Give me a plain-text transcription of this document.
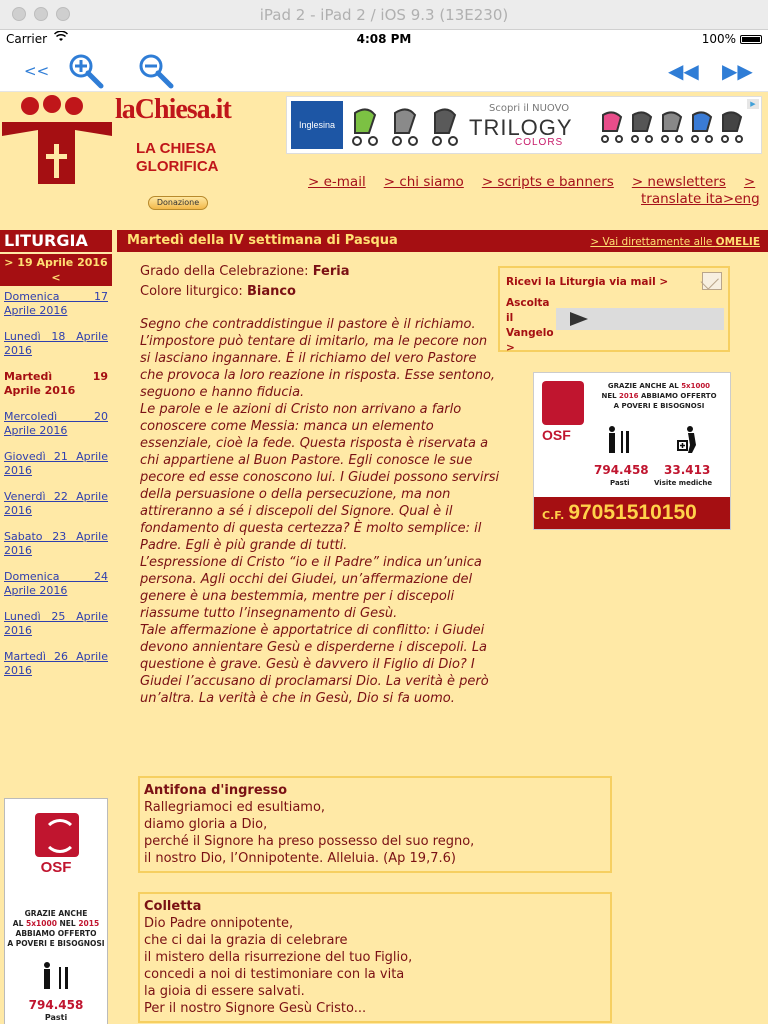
iPad 2 - iPad 2 / iOS 9.3 (13E230)
Carrier	4:08 PM	100%
<<	◀◀ ▶▶
laChiesa.it
LA CHIESA
GLORIFICA
Donazione
Inglesina
Scopri il NUOVO
TRILOGY
COLORS
▶
> e-mail > chi siamo > scripts e banners > newsletters >
translate ita>eng
LITURGIA	Martedì della IV settimana di Pasqua	> Vai direttamente alle OMELIE
> 19 Aprile 2016 <
Domenica 17 Aprile 2016
Lunedì 18 Aprile 2016
Martedì 19 Aprile 2016
Mercoledì 20 Aprile 2016
Giovedì 21 Aprile 2016
Venerdì 22 Aprile 2016
Sabato 23 Aprile 2016
Domenica 24 Aprile 2016
Lunedì 25 Aprile 2016
Martedì 26 Aprile 2016
OSF
GRAZIE ANCHE
AL 5x1000 NEL 2015
ABBIAMO OFFERTO
A POVERI E BISOGNOSI
794.458
Pasti
Grado della Celebrazione: Feria
Colore liturgico: Bianco
Segno che contraddistingue il pastore è il richiamo. L’impostore può tentare di imitarlo, ma le pecore non si lasciano ingannare. È il richiamo del vero Pastore che provoca la loro reazione in risposta. Esse sentono, seguono e hanno fiducia.
Le parole e le azioni di Cristo non arrivano a farlo conoscere come Messia: manca un elemento essenziale, cioè la fede. Questa risposta è riservata a chi appartiene al Buon Pastore. Egli conosce le sue pecore ed esse conoscono lui. I Giudei possono servirsi della persuasione o della persecuzione, ma non attireranno a sé i discepoli del Signore. Qual è il fondamento di questa certezza? È molto semplice: il Padre. Egli è più grande di tutti.
L’espressione di Cristo “io e il Padre” indica un’unica persona. Agli occhi dei Giudei, un’affermazione del genere è una bestemmia, mentre per i discepoli riassume tutto l’insegnamento di Gesù.
Tale affermazione è apportatrice di conflitto: i Giudei devono annientare Gesù e disperderne i discepoli. La questione è grave. Gesù è davvero il Figlio di Dio? I Giudei l’accusano di proclamarsi Dio. La verità è però un’altra. La verità è che in Gesù, Dio si fa uomo.
Ricevi la Liturgia via mail >
Ascolta il Vangelo >
OSF
GRAZIE ANCHE AL 5x1000
NEL 2016 ABBIAMO OFFERTO
A POVERI E BISOGNOSI
794.458
Pasti
33.413
Visite mediche
C.F. 97051510150
Antifona d'ingresso
Rallegriamoci ed esultiamo,
diamo gloria a Dio,
perché il Signore ha preso possesso del suo regno,
il nostro Dio, l’Onnipotente. Alleluia. (Ap 19,7.6)
Colletta
Dio Padre onnipotente,
che ci dai la grazia di celebrare
il mistero della risurrezione del tuo Figlio,
concedi a noi di testimoniare con la vita
la gioia di essere salvati.
Per il nostro Signore Gesù Cristo...
